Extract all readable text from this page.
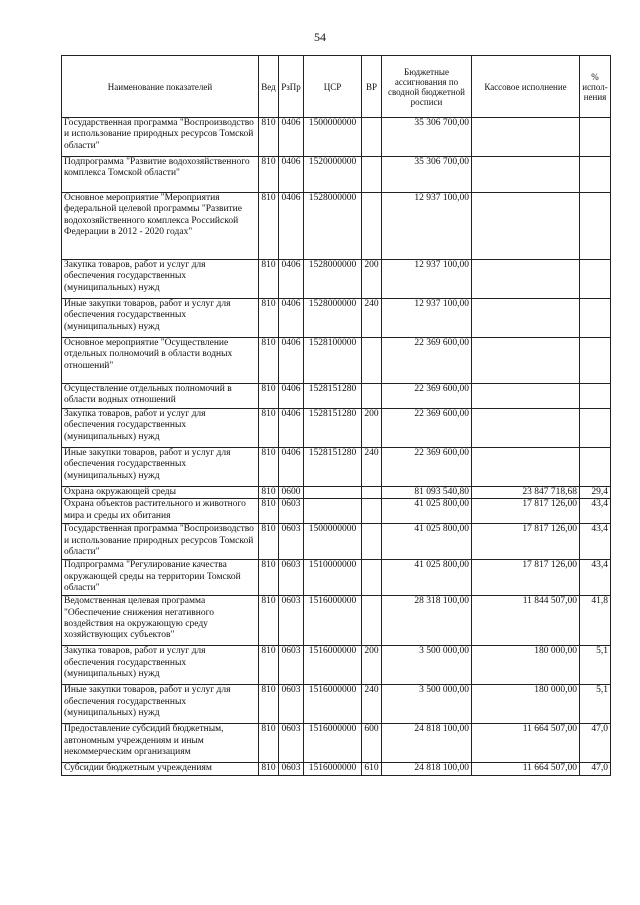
54
Наименование показателей	Вед	РзПр	ЦСР	ВР	Бюджетные ассигнования по сводной бюджетной росписи	Кассовое исполнение	% испол- нения
Государственная программа "Воспроизводство и использование природных ресурсов Томской области"	810	0406	1500000000		35 306 700,00		
Подпрограмма "Развитие водохозяйственного комплекса Томской области"	810	0406	1520000000		35 306 700,00		
Основное мероприятие "Мероприятия федеральной целевой программы "Развитие водохозяйственного комплекса Российской Федерации в 2012 - 2020 годах"	810	0406	1528000000		12 937 100,00		
Закупка товаров, работ и услуг для обеспечения государственных (муниципальных) нужд	810	0406	1528000000	200	12 937 100,00		
Иные закупки товаров, работ и услуг для обеспечения государственных (муниципальных) нужд	810	0406	1528000000	240	12 937 100,00		
Основное мероприятие "Осуществление отдельных полномочий в области водных отношений"	810	0406	1528100000		22 369 600,00		
Осуществление отдельных полномочий в области водных отношений	810	0406	1528151280		22 369 600,00		
Закупка товаров, работ и услуг для обеспечения государственных (муниципальных) нужд	810	0406	1528151280	200	22 369 600,00		
Иные закупки товаров, работ и услуг для обеспечения государственных (муниципальных) нужд	810	0406	1528151280	240	22 369 600,00		
Охрана окружающей среды	810	0600			81 093 540,80	23 847 718,68	29,4
Охрана объектов растительного и животного мира и среды их обитания	810	0603			41 025 800,00	17 817 126,00	43,4
Государственная программа "Воспроизводство и использование природных ресурсов Томской области"	810	0603	1500000000		41 025 800,00	17 817 126,00	43,4
Подпрограмма "Регулирование качества окружающей среды на территории Томской области"	810	0603	1510000000		41 025 800,00	17 817 126,00	43,4
Ведомственная целевая программа "Обеспечение снижения негативного воздействия на окружающую среду хозяйствующих субъектов"	810	0603	1516000000		28 318 100,00	11 844 507,00	41,8
Закупка товаров, работ и услуг для обеспечения государственных (муниципальных) нужд	810	0603	1516000000	200	3 500 000,00	180 000,00	5,1
Иные закупки товаров, работ и услуг для обеспечения государственных (муниципальных) нужд	810	0603	1516000000	240	3 500 000,00	180 000,00	5,1
Предоставление субсидий бюджетным, автономным учреждениям и иным некоммерческим организациям	810	0603	1516000000	600	24 818 100,00	11 664 507,00	47,0
Субсидии бюджетным учреждениям	810	0603	1516000000	610	24 818 100,00	11 664 507,00	47,0
